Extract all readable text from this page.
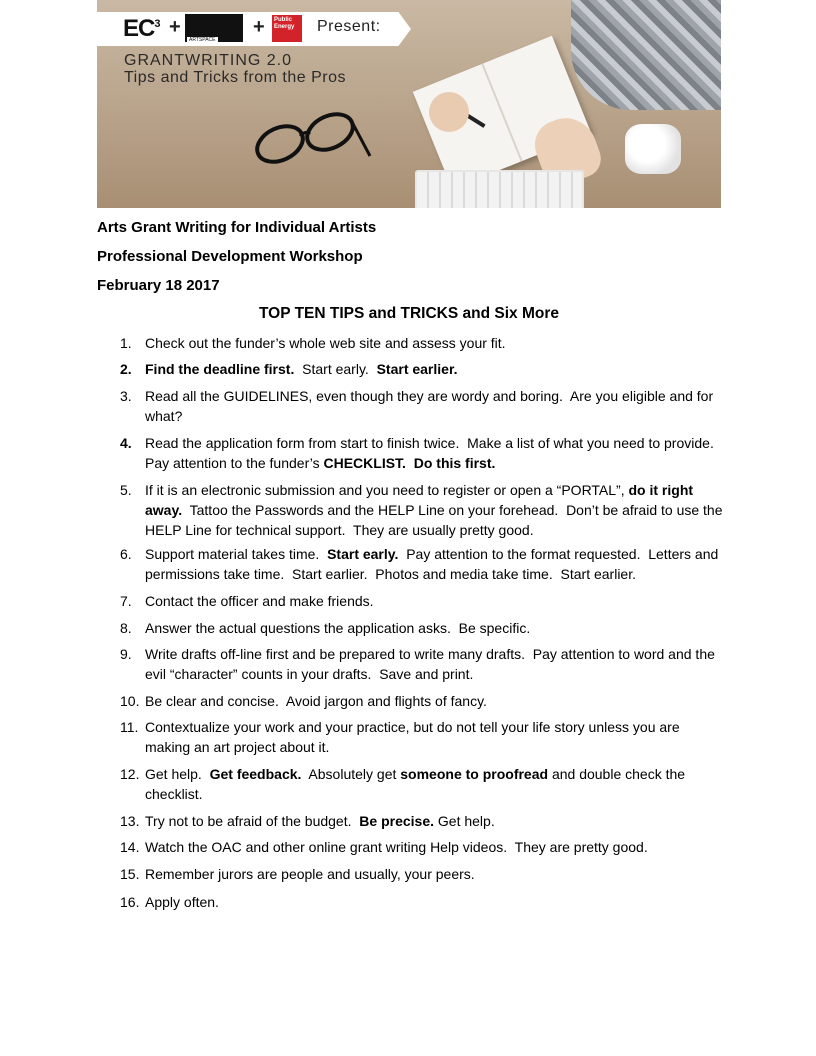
$EC^3$ +
ARTSPACE
+	Public Energy	Present:
GRANTWRITING 2.0
Tips and Tricks from the Pros
Arts Grant Writing for Individual Artists
Professional Development Workshop
February 18 2017
TOP TEN TIPS and TRICKS and Six More
1. Check out the funder’s whole web site and assess your fit.
2. Find the deadline first.  Start early.  Start earlier.
3. Read all the GUIDELINES, even though they are wordy and boring.  Are you eligible and for what?
4. Read the application form from start to finish twice.  Make a list of what you need to provide.  Pay attention to the funder’s CHECKLIST.  Do this first.
5. If it is an electronic submission and you need to register or open a “PORTAL”, do it right away.  Tattoo the Passwords and the HELP Line on your forehead.  Don’t be afraid to use the HELP Line for technical support.  They are usually pretty good.
6. Support material takes time.  Start early.  Pay attention to the format requested.  Letters and permissions take time.  Start earlier.  Photos and media take time.  Start earlier.
7. Contact the officer and make friends.
8. Answer the actual questions the application asks.  Be specific.
9. Write drafts off-line first and be prepared to write many drafts.  Pay attention to word and the evil “character” counts in your drafts.  Save and print.
10. Be clear and concise.  Avoid jargon and flights of fancy.
11. Contextualize your work and your practice, but do not tell your life story unless you are making an art project about it.
12. Get help.  Get feedback.  Absolutely get someone to proofread and double check the checklist.
13. Try not to be afraid of the budget.  Be precise. Get help.
14. Watch the OAC and other online grant writing Help videos.  They are pretty good.
15. Remember jurors are people and usually, your peers.
16. Apply often.
